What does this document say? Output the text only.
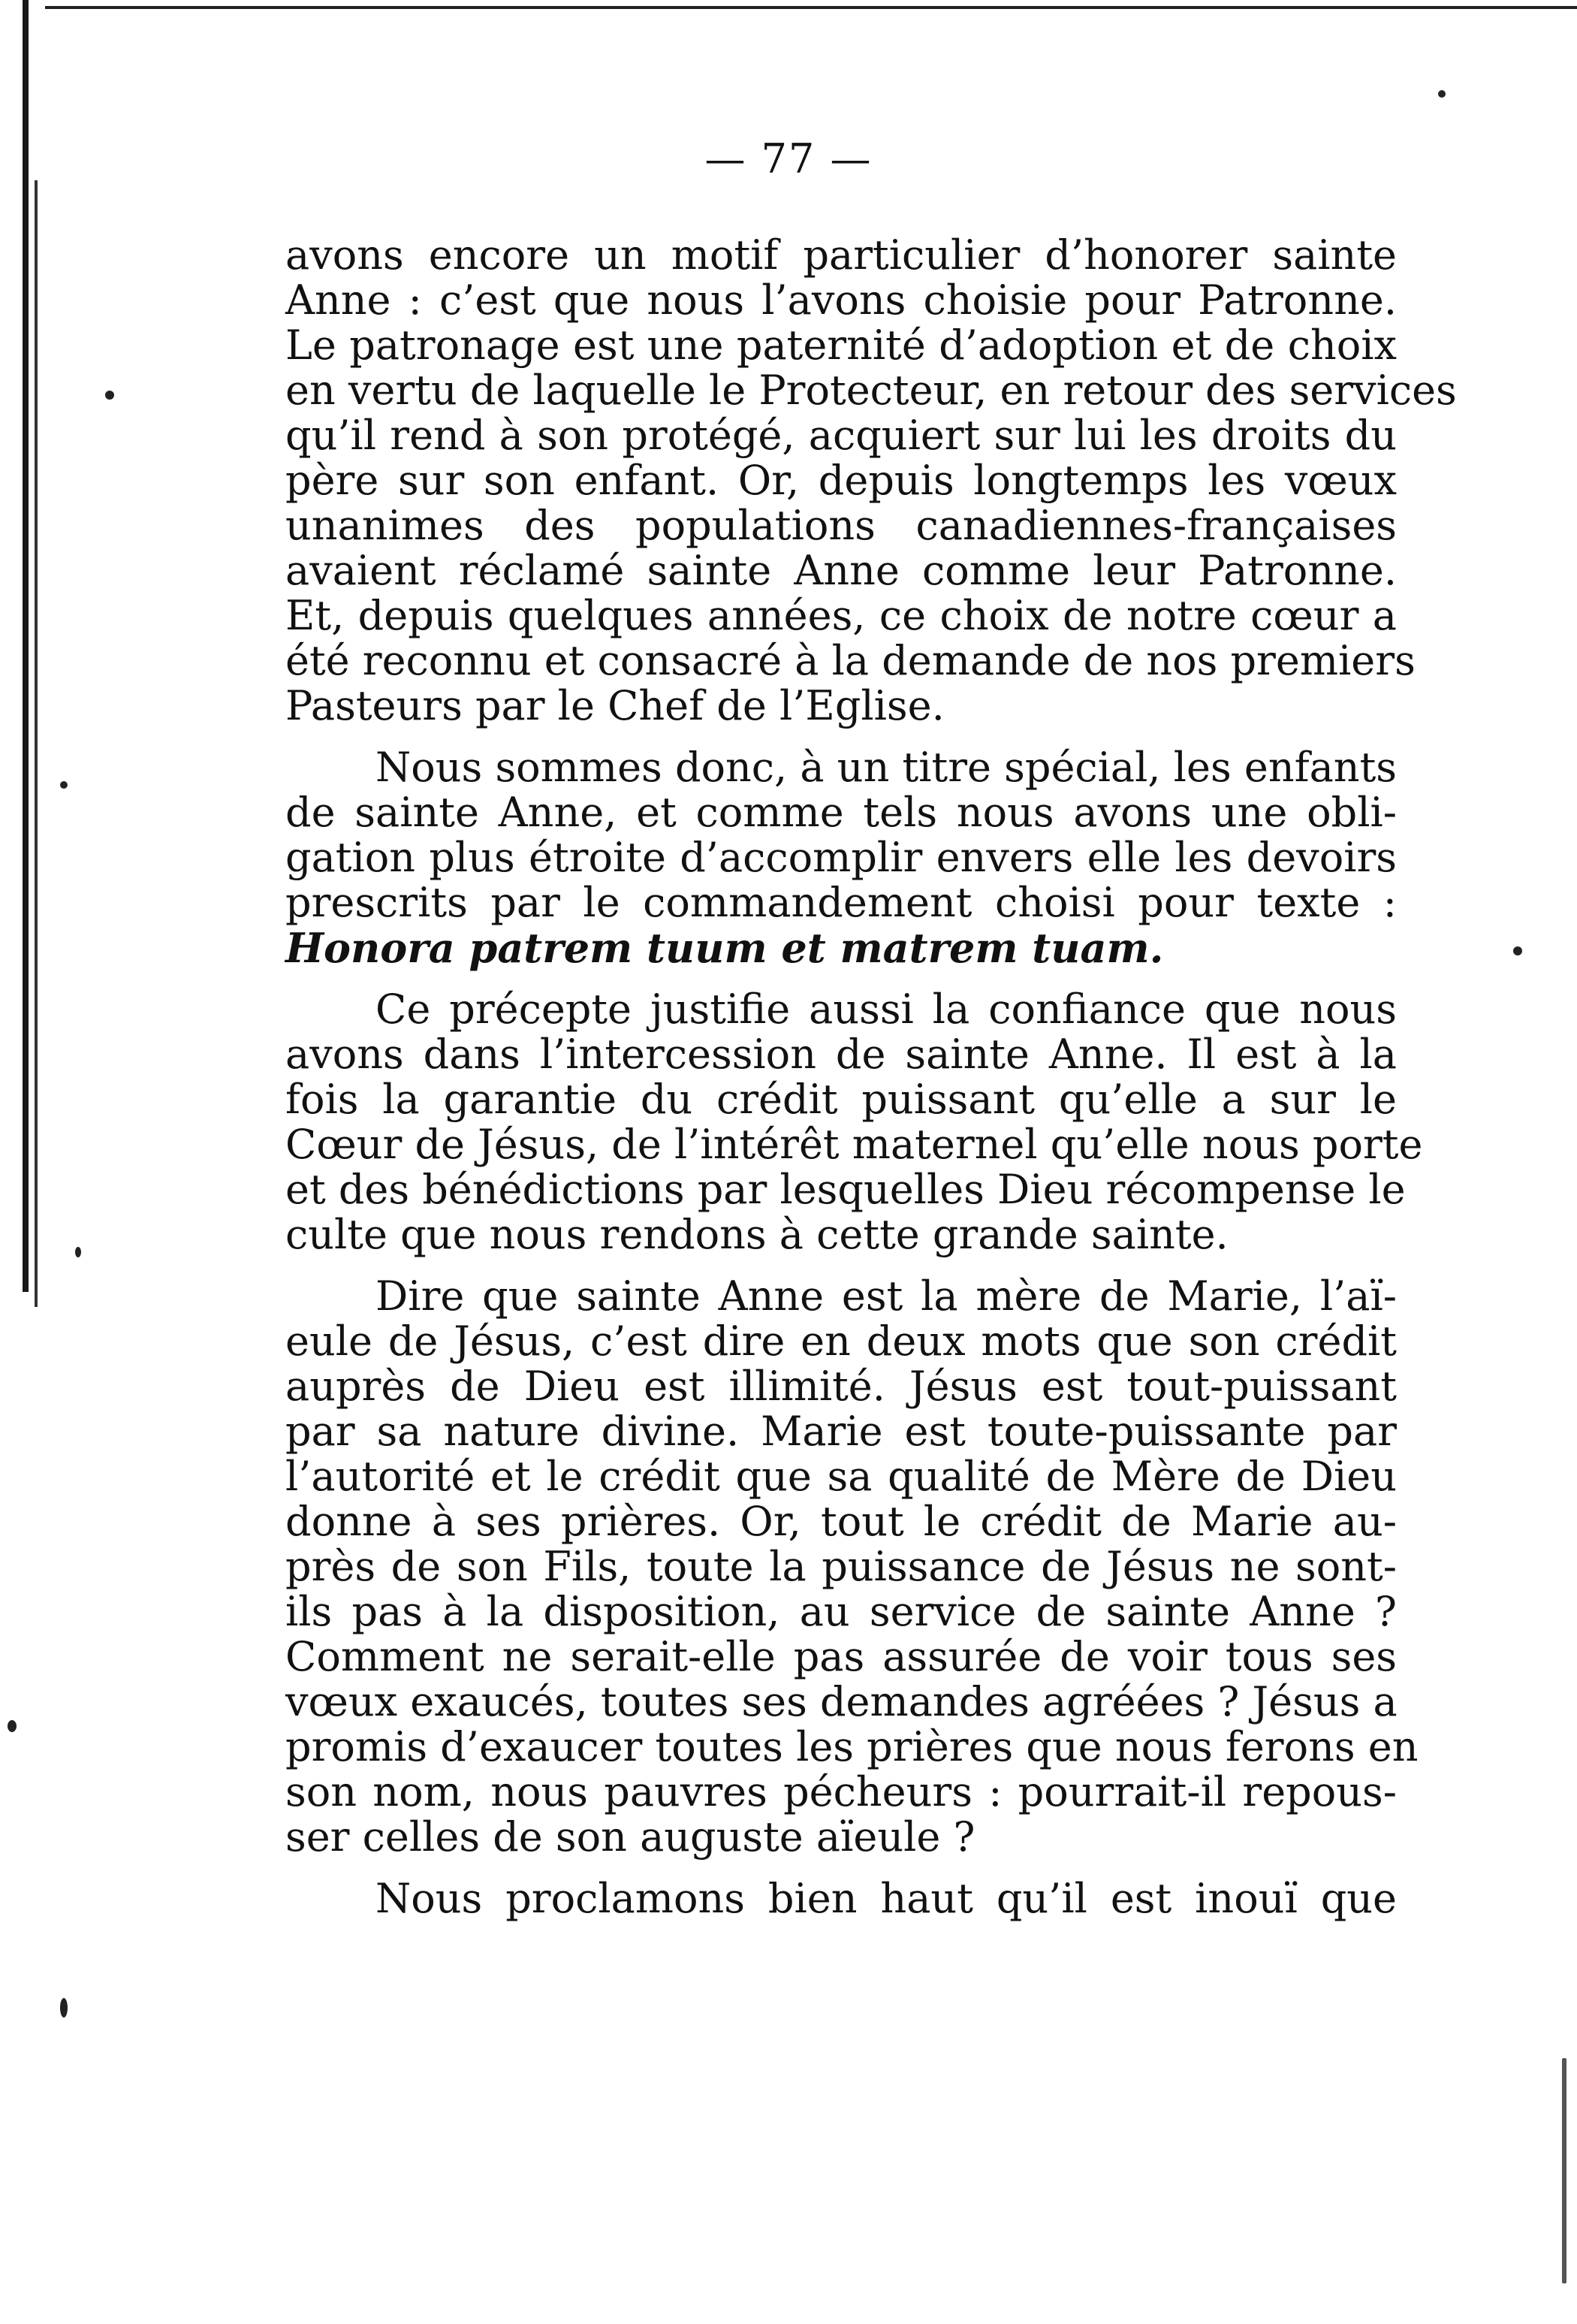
— 77 —
avons encore un motif particulier d’honorer sainte
Anne : c’est que nous l’avons choisie pour Patronne.
Le patronage est une paternité d’adoption et de choix
en vertu de laquelle le Protecteur, en retour des services
qu’il rend à son protégé, acquiert sur lui les droits du
père sur son enfant. Or, depuis longtemps les vœux
unanimes des populations canadiennes-françaises
avaient réclamé sainte Anne comme leur Patronne.
Et, depuis quelques années, ce choix de notre cœur a
été reconnu et consacré à la demande de nos premiers
Pasteurs par le Chef de l’Eglise.
Nous sommes donc, à un titre spécial, les enfants
de sainte Anne, et comme tels nous avons une obli-
gation plus étroite d’accomplir envers elle les devoirs
prescrits par le commandement choisi pour texte :
Honora patrem tuum et matrem tuam.
Ce précepte justifie aussi la confiance que nous
avons dans l’intercession de sainte Anne. Il est à la
fois la garantie du crédit puissant qu’elle a sur le
Cœur de Jésus, de l’intérêt maternel qu’elle nous porte
et des bénédictions par lesquelles Dieu récompense le
culte que nous rendons à cette grande sainte.
Dire que sainte Anne est la mère de Marie, l’aï-
eule de Jésus, c’est dire en deux mots que son crédit
auprès de Dieu est illimité. Jésus est tout-puissant
par sa nature divine. Marie est toute-puissante par
l’autorité et le crédit que sa qualité de Mère de Dieu
donne à ses prières. Or, tout le crédit de Marie au-
près de son Fils, toute la puissance de Jésus ne sont-
ils pas à la disposition, au service de sainte Anne ?
Comment ne serait-elle pas assurée de voir tous ses
vœux exaucés, toutes ses demandes agréées ? Jésus a
promis d’exaucer toutes les prières que nous ferons en
son nom, nous pauvres pécheurs : pourrait-il repous-
ser celles de son auguste aïeule ?
Nous proclamons bien haut qu’il est inouï que
